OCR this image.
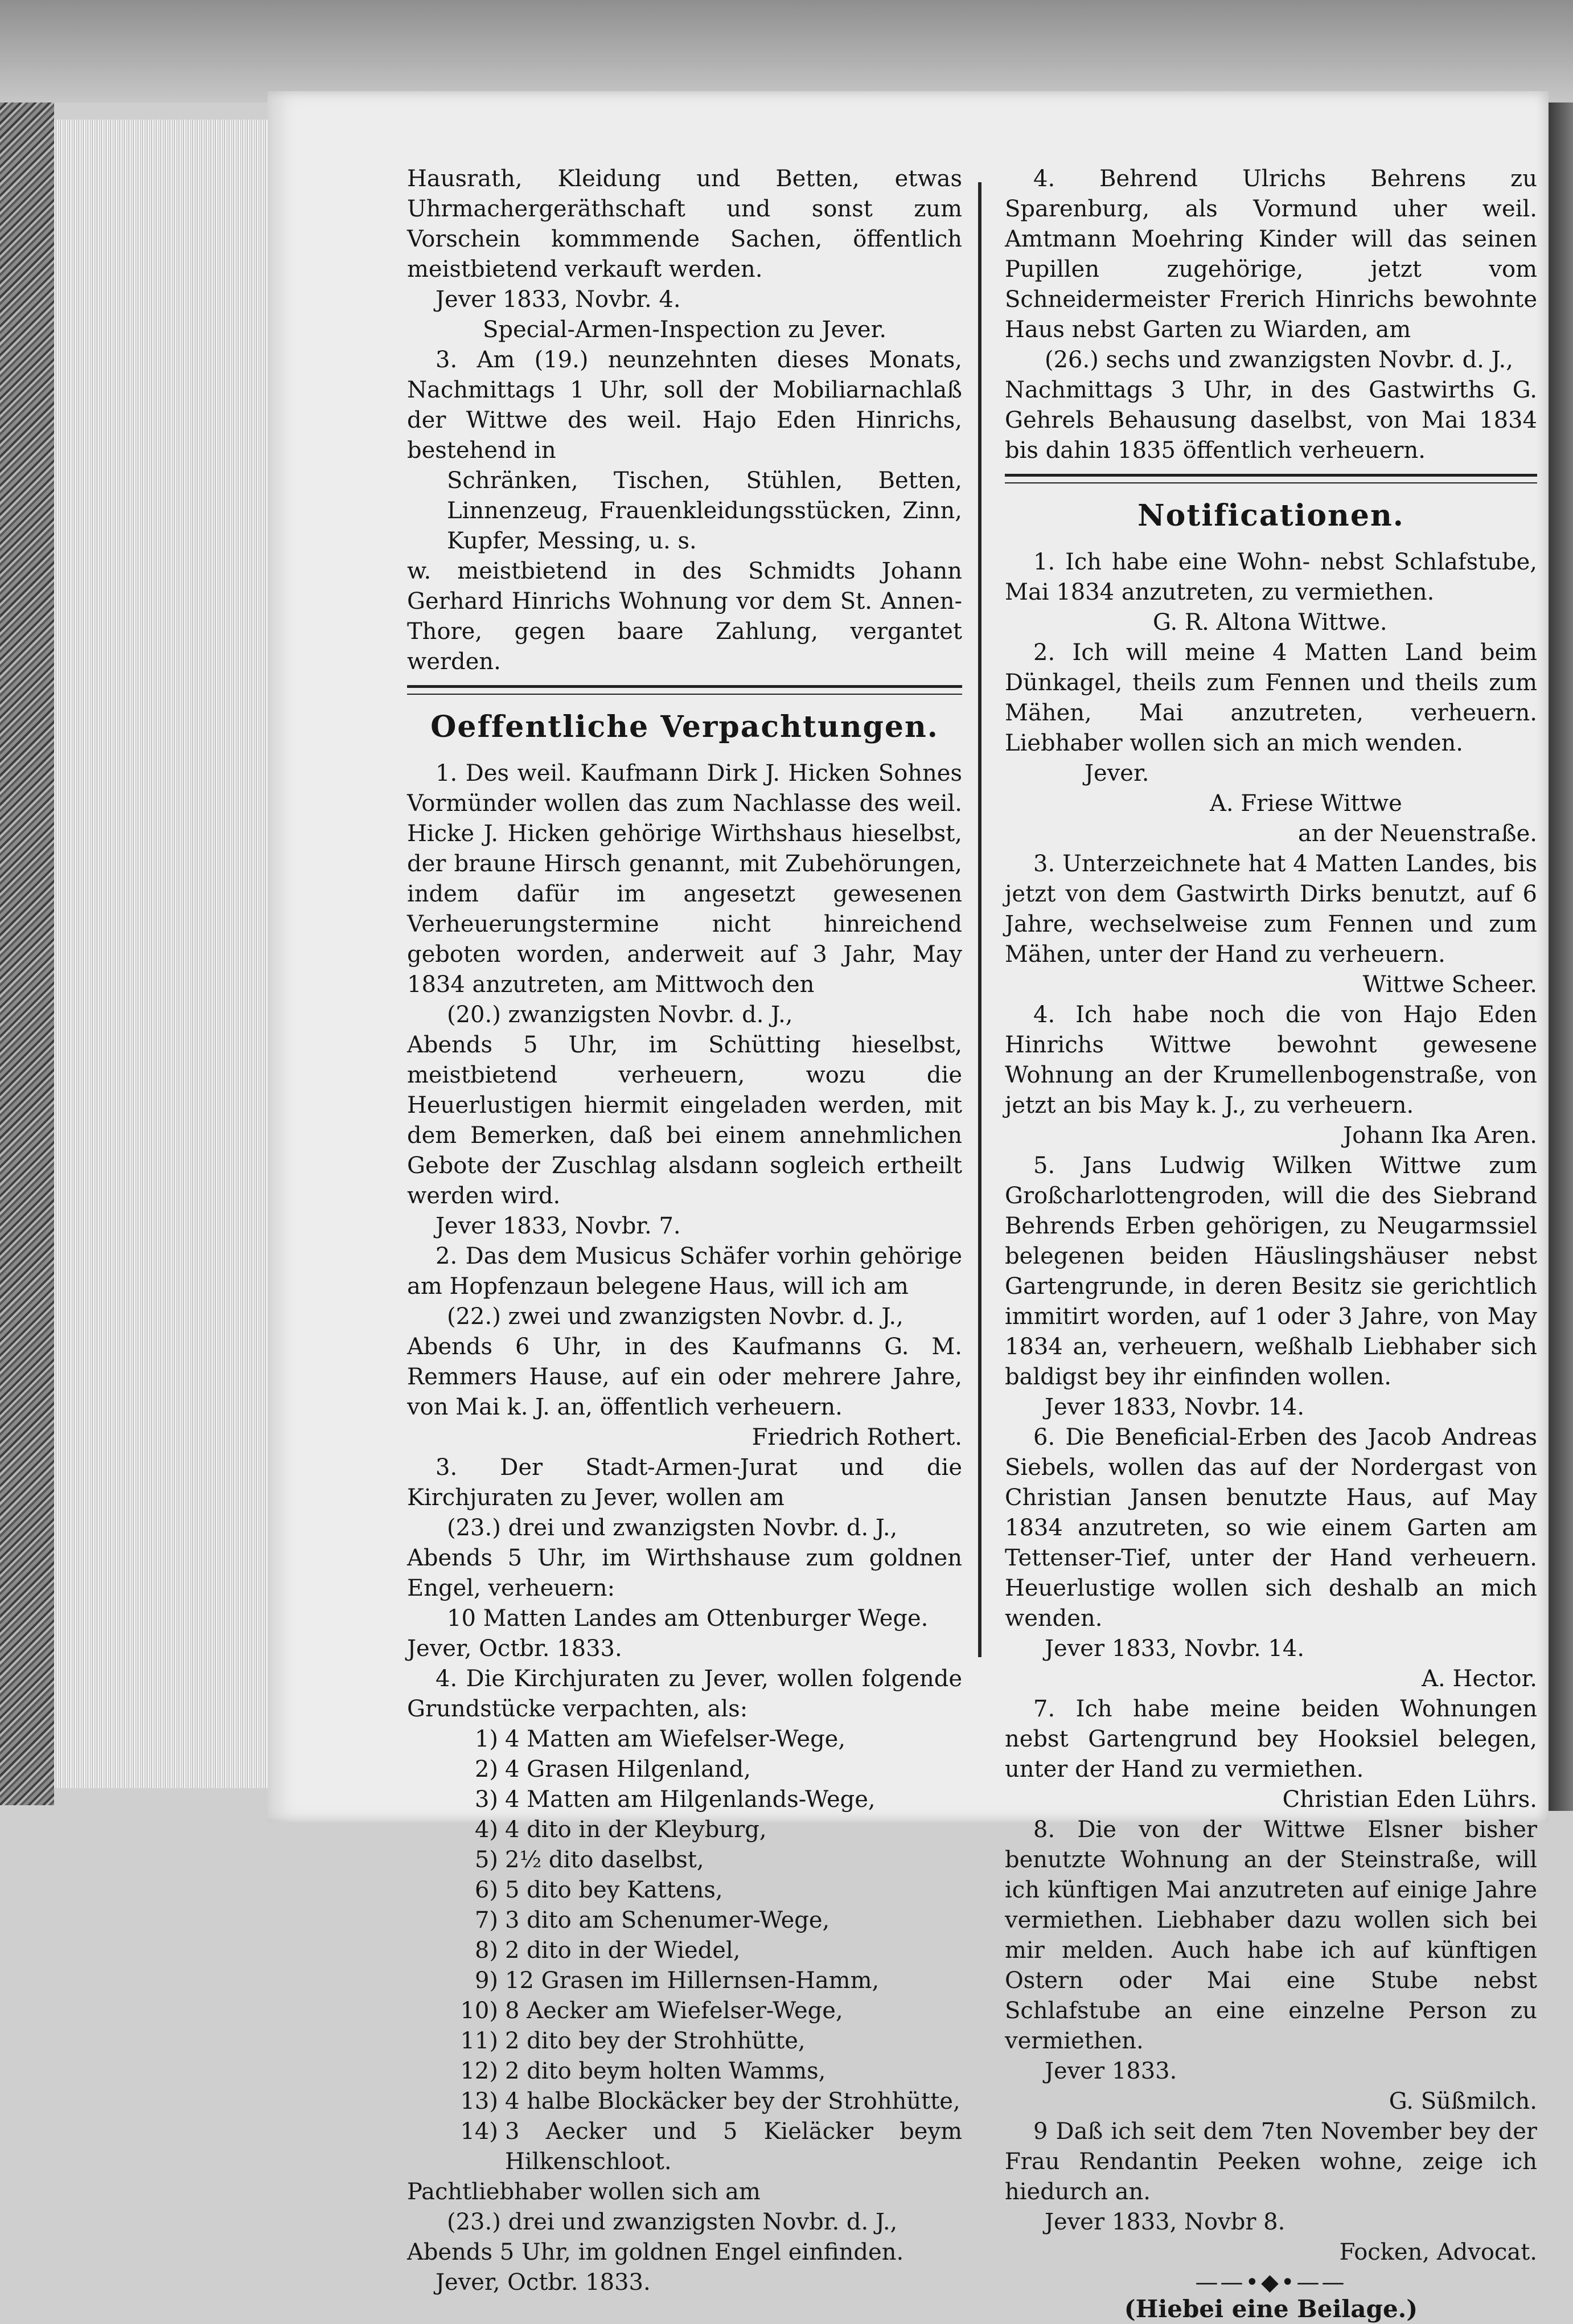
Hausrath, Kleidung und Betten, etwas Uhrmachergeräthschaft und sonst zum Vorschein kommmende Sachen, öffentlich meistbietend verkauft werden.

Jever 1833, Novbr. 4.

Special-Armen-Inspection zu Jever.

3. Am (19.) neunzehnten dieses Monats, Nachmittags 1 Uhr, soll der Mobiliarnachlaß der Wittwe des weil. Hajo Eden Hinrichs, bestehend in

Schränken, Tischen, Stühlen, Betten, Linnenzeug, Frauenkleidungsstücken, Zinn, Kupfer, Messing, u. s.

w. meistbietend in des Schmidts Johann Gerhard Hinrichs Wohnung vor dem St. Annen-Thore, gegen baare Zahlung, vergantet werden.

Oeffentliche Verpachtungen.

1. Des weil. Kaufmann Dirk J. Hicken Sohnes Vormünder wollen das zum Nachlasse des weil. Hicke J. Hicken gehörige Wirthshaus hieselbst, der braune Hirsch genannt, mit Zubehörungen, indem dafür im angesetzt gewesenen Verheuerungstermine nicht hinreichend geboten worden, anderweit auf 3 Jahr, May 1834 anzutreten, am Mittwoch den

(20.) zwanzigsten Novbr. d. J.,

Abends 5 Uhr, im Schütting hieselbst, meistbietend verheuern, wozu die Heuerlustigen hiermit eingeladen werden, mit dem Bemerken, daß bei einem annehmlichen Gebote der Zuschlag alsdann sogleich ertheilt werden wird.

Jever 1833, Novbr. 7.

2. Das dem Musicus Schäfer vorhin gehörige am Hopfenzaun belegene Haus, will ich am

(22.) zwei und zwanzigsten Novbr. d. J.,

Abends 6 Uhr, in des Kaufmanns G. M. Remmers Hause, auf ein oder mehrere Jahre, von Mai k. J. an, öffentlich verheuern.

Friedrich Rothert.

3. Der Stadt-Armen-Jurat und die Kirchjuraten zu Jever, wollen am

(23.) drei und zwanzigsten Novbr. d. J.,

Abends 5 Uhr, im Wirthshause zum goldnen Engel, verheuern:

10 Matten Landes am Ottenburger Wege.

Jever, Octbr. 1833.

4. Die Kirchjuraten zu Jever, wollen folgende Grundstücke verpachten, als:

1) 4 Matten am Wiefelser-Wege,
2) 4 Grasen Hilgenland,
3) 4 Matten am Hilgenlands-Wege,
4) 4 dito in der Kleyburg,
5) 2½ dito daselbst,
6) 5 dito bey Kattens,
7) 3 dito am Schenumer-Wege,
8) 2 dito in der Wiedel,
9) 12 Grasen im Hillernsen-Hamm,
10) 8 Aecker am Wiefelser-Wege,
11) 2 dito bey der Strohhütte,
12) 2 dito beym holten Wamms,
13) 4 halbe Blockäcker bey der Strohhütte,
14) 3 Aecker und 5 Kieläcker beym Hilkenschloot.

Pachtliebhaber wollen sich am

(23.) drei und zwanzigsten Novbr. d. J.,

Abends 5 Uhr, im goldnen Engel einfinden.

Jever, Octbr. 1833.

4. Behrend Ulrichs Behrens zu Sparenburg, als Vormund uher weil. Amtmann Moehring Kinder will das seinen Pupillen zugehörige, jetzt vom Schneidermeister Frerich Hinrichs bewohnte Haus nebst Garten zu Wiarden, am

(26.) sechs und zwanzigsten Novbr. d. J.,

Nachmittags 3 Uhr, in des Gastwirths G. Gehrels Behausung daselbst, von Mai 1834 bis dahin 1835 öffentlich verheuern.

Notificationen.

1. Ich habe eine Wohn- nebst Schlafstube, Mai 1834 anzutreten, zu vermiethen.

G. R. Altona Wittwe.

2. Ich will meine 4 Matten Land beim Dünkagel, theils zum Fennen und theils zum Mähen, Mai anzutreten, verheuern. Liebhaber wollen sich an mich wenden.

Jever.

A. Friese Wittwe

an der Neuenstraße.

3. Unterzeichnete hat 4 Matten Landes, bis jetzt von dem Gastwirth Dirks benutzt, auf 6 Jahre, wechselweise zum Fennen und zum Mähen, unter der Hand zu verheuern.

Wittwe Scheer.

4. Ich habe noch die von Hajo Eden Hinrichs Wittwe bewohnt gewesene Wohnung an der Krumellenbogenstraße, von jetzt an bis May k. J., zu verheuern.

Johann Ika Aren.

5. Jans Ludwig Wilken Wittwe zum Großcharlottengroden, will die des Siebrand Behrends Erben gehörigen, zu Neugarmssiel belegenen beiden Häuslingshäuser nebst Gartengrunde, in deren Besitz sie gerichtlich immitirt worden, auf 1 oder 3 Jahre, von May 1834 an, verheuern, weßhalb Liebhaber sich baldigst bey ihr einfinden wollen.

Jever 1833, Novbr. 14.

6. Die Beneficial-Erben des Jacob Andreas Siebels, wollen das auf der Nordergast von Christian Jansen benutzte Haus, auf May 1834 anzutreten, so wie einem Garten am Tettenser-Tief, unter der Hand verheuern. Heuerlustige wollen sich deshalb an mich wenden.

Jever 1833, Novbr. 14.

A. Hector.

7. Ich habe meine beiden Wohnungen nebst Gartengrund bey Hooksiel belegen, unter der Hand zu vermiethen.

Christian Eden Lührs.

8. Die von der Wittwe Elsner bisher benutzte Wohnung an der Steinstraße, will ich künftigen Mai anzutreten auf einige Jahre vermiethen. Liebhaber dazu wollen sich bei mir melden. Auch habe ich auf künftigen Ostern oder Mai eine Stube nebst Schlafstube an eine einzelne Person zu vermiethen.

Jever 1833.

G. Süßmilch.

9 Daß ich seit dem 7ten November bey der Frau Rendantin Peeken wohne, zeige ich hiedurch an.

Jever 1833, Novbr 8.

Focken, Advocat.

——•◆•——

(Hiebei eine Beilage.)
